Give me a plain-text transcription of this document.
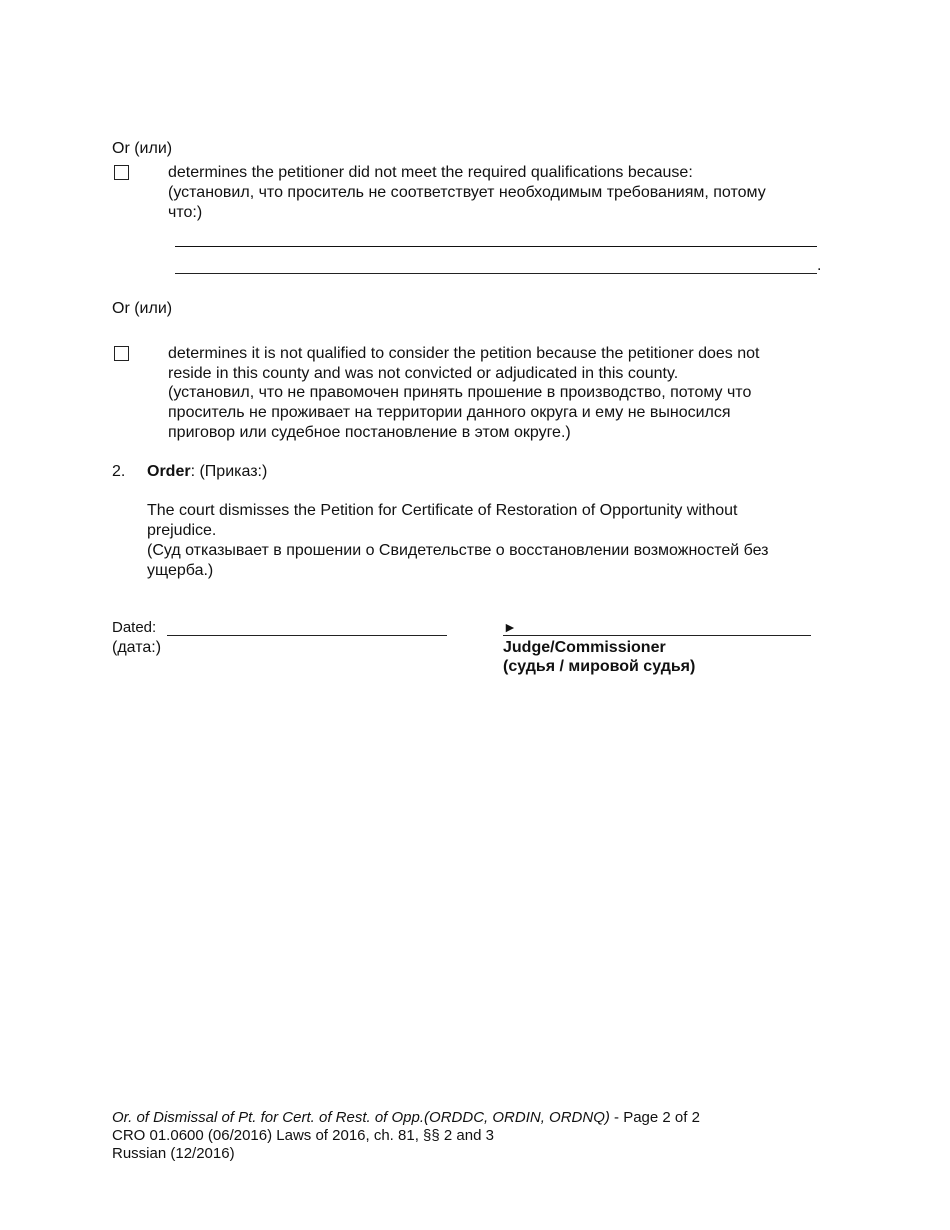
Or (или)
determines the petitioner did not meet the required qualifications because:
(установил, что проситель не соответствует необходимым требованиям, потому
что:)
.
Or (или)
determines it is not qualified to consider the petition because the petitioner does not
reside in this county and was not convicted or adjudicated in this county.
(установил, что не правомочен принять прошение в производство, потому что
проситель не проживает на территории данного округа и ему не выносился
приговор или судебное постановление в этом округе.)
2. Order: (Приказ:)
The court dismisses the Petition for Certificate of Restoration of Opportunity without
prejudice.
(Суд отказывает в прошении о Свидетельстве о восстановлении возможностей без
ущерба.)
Dated:
(дата:)
►
Judge/Commissioner
(судья / мировой судья)
Or. of Dismissal of Pt. for Cert. of Rest. of Opp.(ORDDC, ORDIN, ORDNQ) - Page 2 of 2
CRO 01.0600 (06/2016) Laws of 2016, ch. 81, §§ 2 and 3
Russian (12/2016)
